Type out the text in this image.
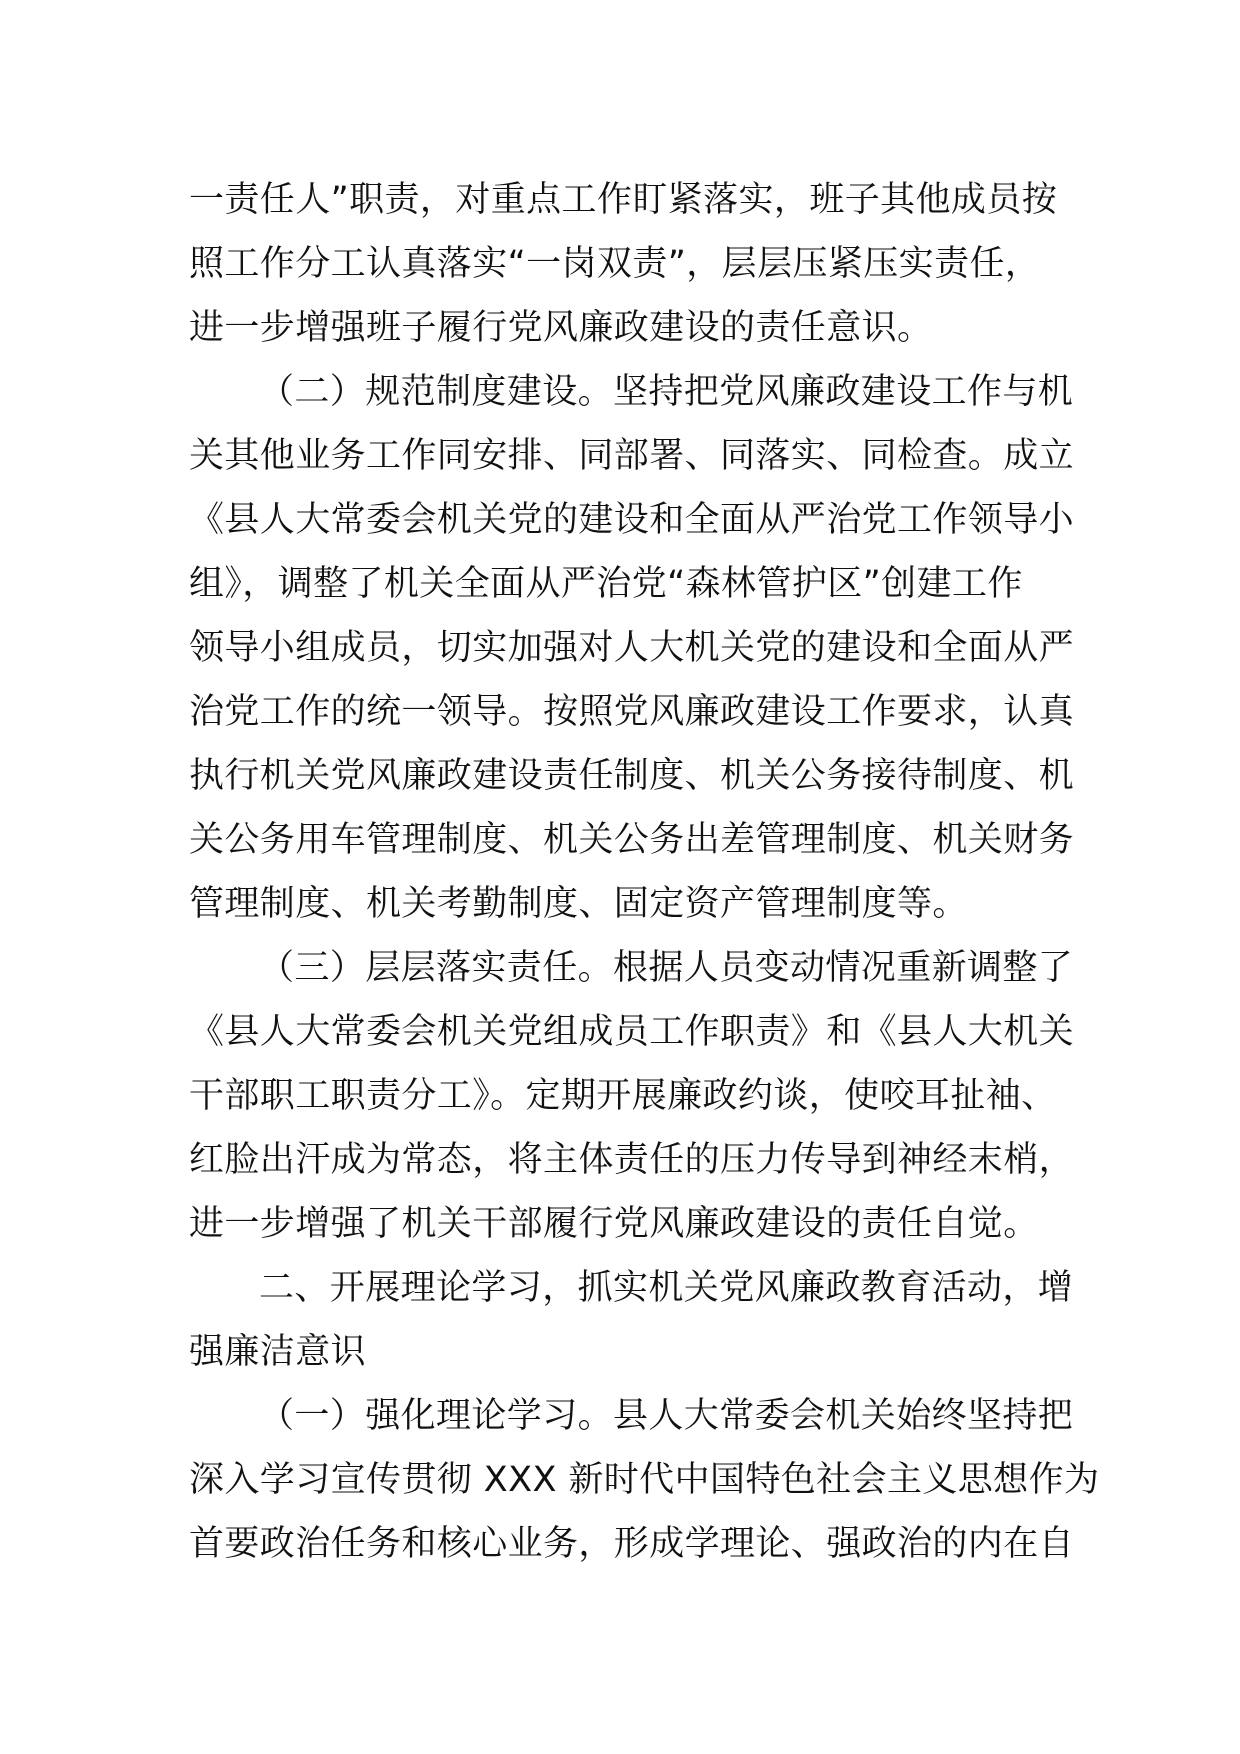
一责任人”职责，对重点工作盯紧落实，班子其他成员按
照工作分工认真落实“一岗双责”，层层压紧压实责任，
进一步增强班子履行党风廉政建设的责任意识。
（二）规范制度建设。坚持把党风廉政建设工作与机
关其他业务工作同安排、同部署、同落实、同检查。成立
《县人大常委会机关党的建设和全面从严治党工作领导小
组》，调整了机关全面从严治党“森林管护区”创建工作
领导小组成员，切实加强对人大机关党的建设和全面从严
治党工作的统一领导。按照党风廉政建设工作要求，认真
执行机关党风廉政建设责任制度、机关公务接待制度、机
关公务用车管理制度、机关公务出差管理制度、机关财务
管理制度、机关考勤制度、固定资产管理制度等。
（三）层层落实责任。根据人员变动情况重新调整了
《县人大常委会机关党组成员工作职责》和《县人大机关
干部职工职责分工》。定期开展廉政约谈，使咬耳扯袖、
红脸出汗成为常态，将主体责任的压力传导到神经末梢，
进一步增强了机关干部履行党风廉政建设的责任自觉。
二、开展理论学习，抓实机关党风廉政教育活动，增
强廉洁意识
（一）强化理论学习。县人大常委会机关始终坚持把
深入学习宣传贯彻 XXX 新时代中国特色社会主义思想作为
首要政治任务和核心业务，形成学理论、强政治的内在自
